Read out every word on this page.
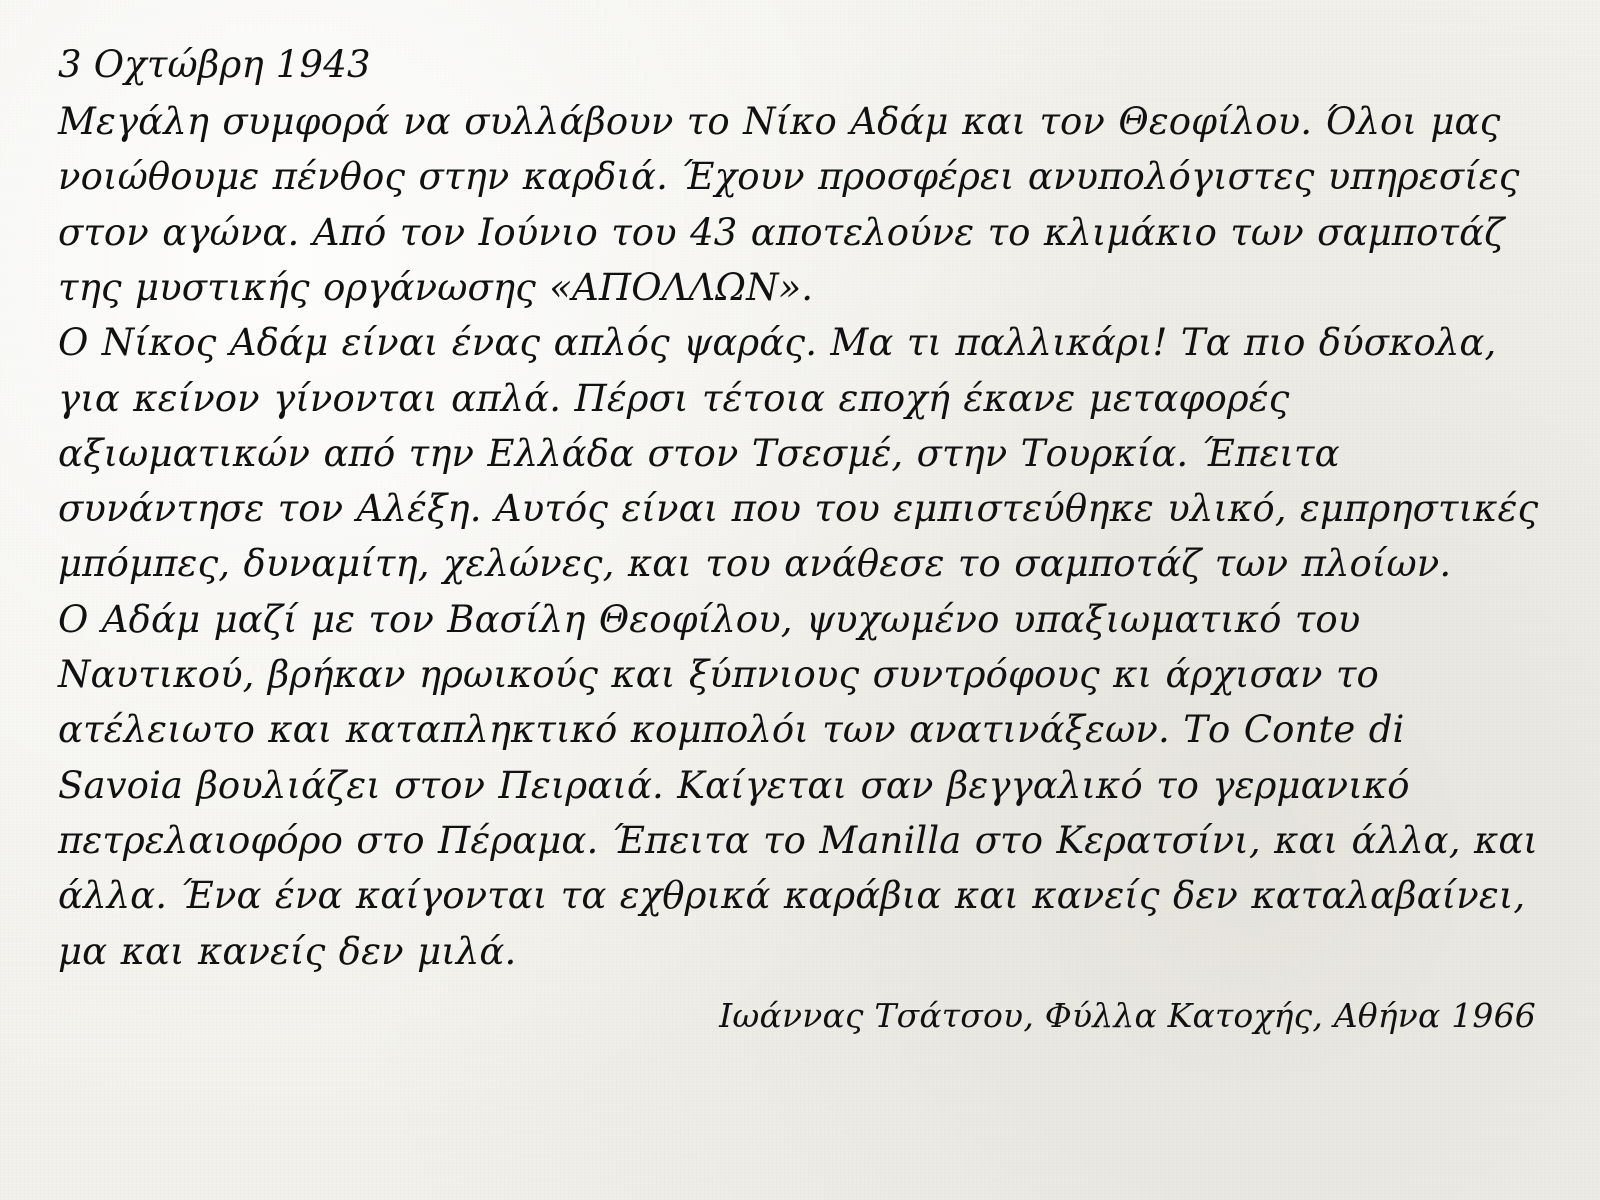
3 Οχτώβρη 1943

Μεγάλη συμφορά να συλλάβουν το Νίκο Αδάμ και τον Θεοφίλου. Όλοι μας νοιώθουμε πένθος στην καρδιά. Έχουν προσφέρει ανυπολόγιστες υπηρεσίες στον αγώνα. Από τον Ιούνιο του 43 αποτελούνε το κλιμάκιο των σαμποτάζ της μυστικής οργάνωσης «ΑΠΟΛΛΩΝ».

Ο Νίκος Αδάμ είναι ένας απλός ψαράς. Μα τι παλλικάρι! Τα πιο δύσκολα, για κείνον γίνονται απλά. Πέρσι τέτοια εποχή έκανε μεταφορές αξιωματικών από την Ελλάδα στον Τσεσμέ, στην Τουρκία. Έπειτα συνάντησε τον Αλέξη. Αυτός είναι που του εμπιστεύθηκε υλικό, εμπρηστικές μπόμπες, δυναμίτη, χελώνες, και του ανάθεσε το σαμποτάζ των πλοίων.

Ο Αδάμ μαζί με τον Βασίλη Θεοφίλου, ψυχωμένο υπαξιωματικό του Ναυτικού, βρήκαν ηρωικούς και ξύπνιους συντρόφους κι άρχισαν το ατέλειωτο και καταπληκτικό κομπολόι των ανατινάξεων. Το Conte di Savoia βουλιάζει στον Πειραιά. Καίγεται σαν βεγγαλικό το γερμανικό πετρελαιοφόρο στο Πέραμα. Έπειτα το Manilla στο Κερατσίνι, και άλλα, και άλλα. Ένα ένα καίγονται τα εχθρικά καράβια και κανείς δεν καταλαβαίνει, μα και κανείς δεν μιλά.

Ιωάννας Τσάτσου, Φύλλα Κατοχής, Αθήνα 1966
